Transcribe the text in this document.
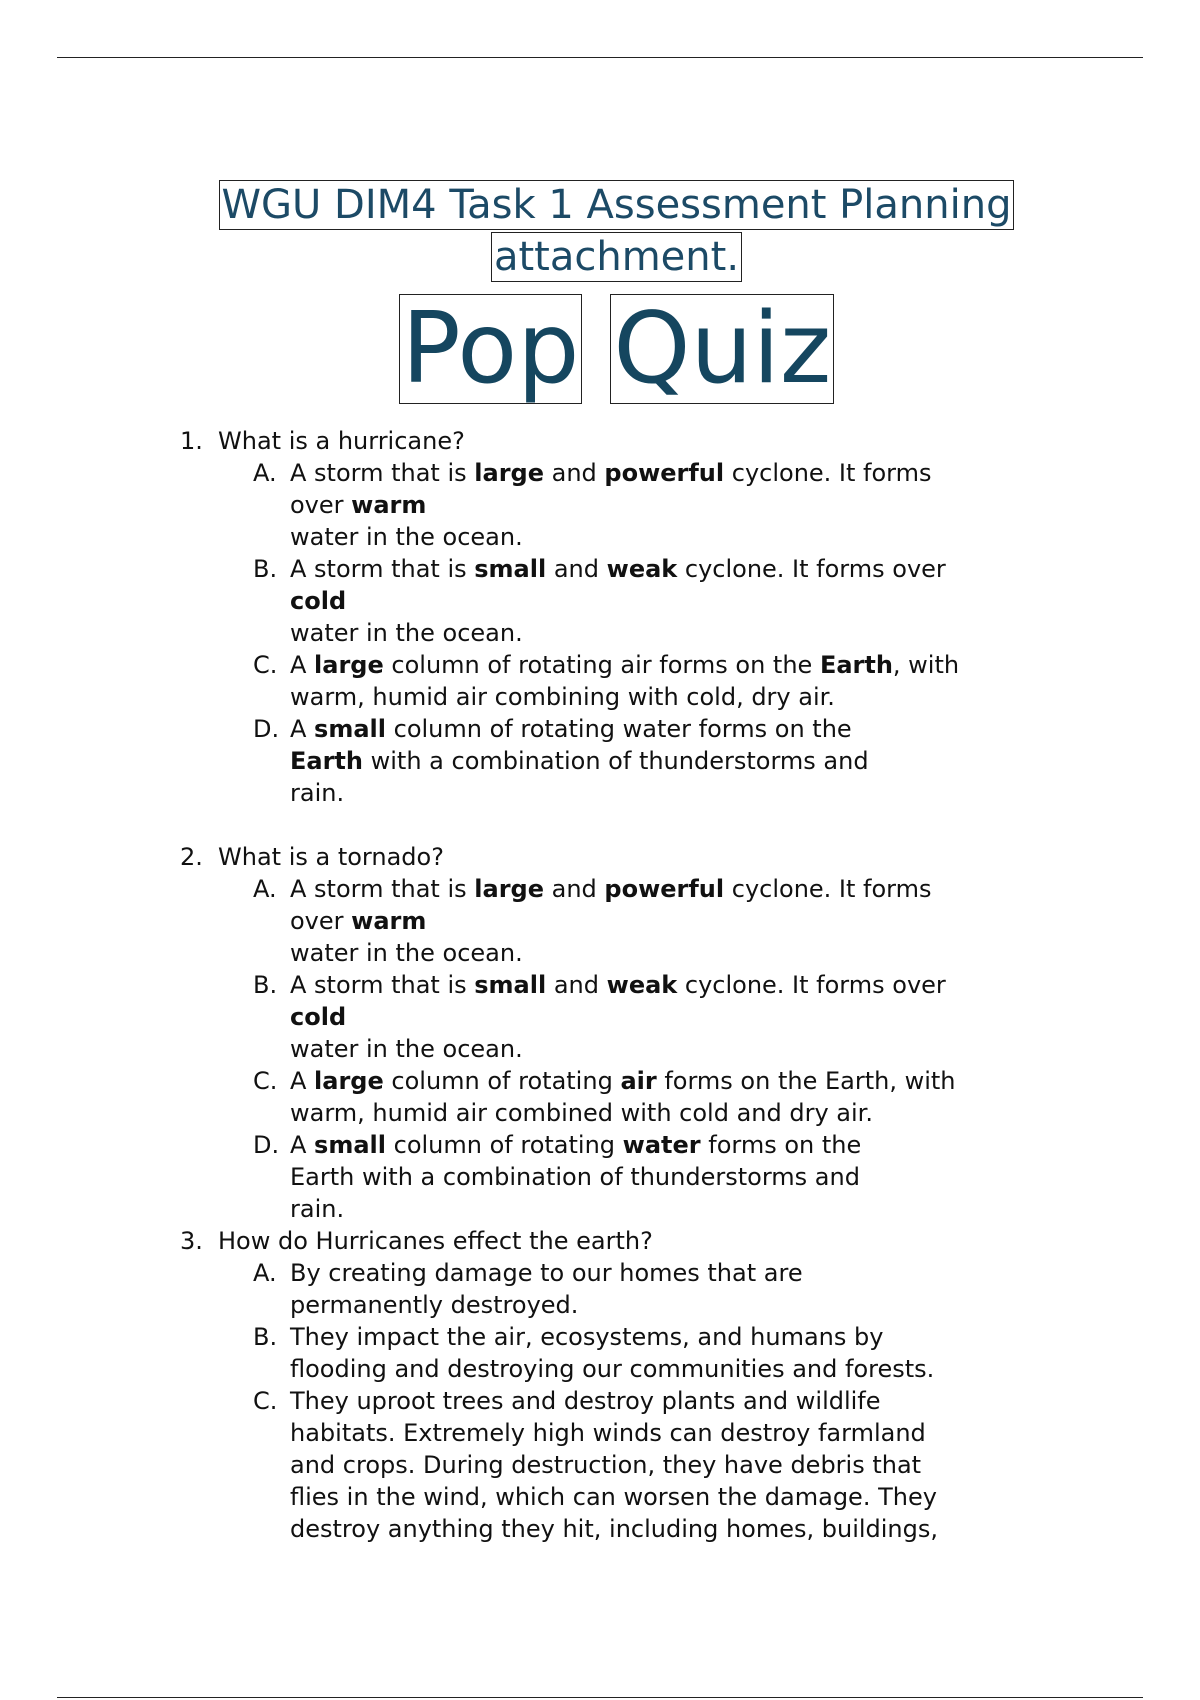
WGU DIM4 Task 1 Assessment Planning
attachment.
Pop Quiz
1. What is a hurricane?
A. A storm that is large and powerful cyclone. It forms
over warm
water in the ocean.
B. A storm that is small and weak cyclone. It forms over
cold
water in the ocean.
C. A large column of rotating air forms on the Earth, with
warm, humid air combining with cold, dry air.
D. A small column of rotating water forms on the
Earth with a combination of thunderstorms and
rain.
2. What is a tornado?
A. A storm that is large and powerful cyclone. It forms
over warm
water in the ocean.
B. A storm that is small and weak cyclone. It forms over
cold
water in the ocean.
C. A large column of rotating air forms on the Earth, with
warm, humid air combined with cold and dry air.
D. A small column of rotating water forms on the
Earth with a combination of thunderstorms and
rain.
3. How do Hurricanes effect the earth?
A. By creating damage to our homes that are
permanently destroyed.
B. They impact the air, ecosystems, and humans by
flooding and destroying our communities and forests.
C. They uproot trees and destroy plants and wildlife
habitats. Extremely high winds can destroy farmland
and crops. During destruction, they have debris that
flies in the wind, which can worsen the damage. They
destroy anything they hit, including homes, buildings,
